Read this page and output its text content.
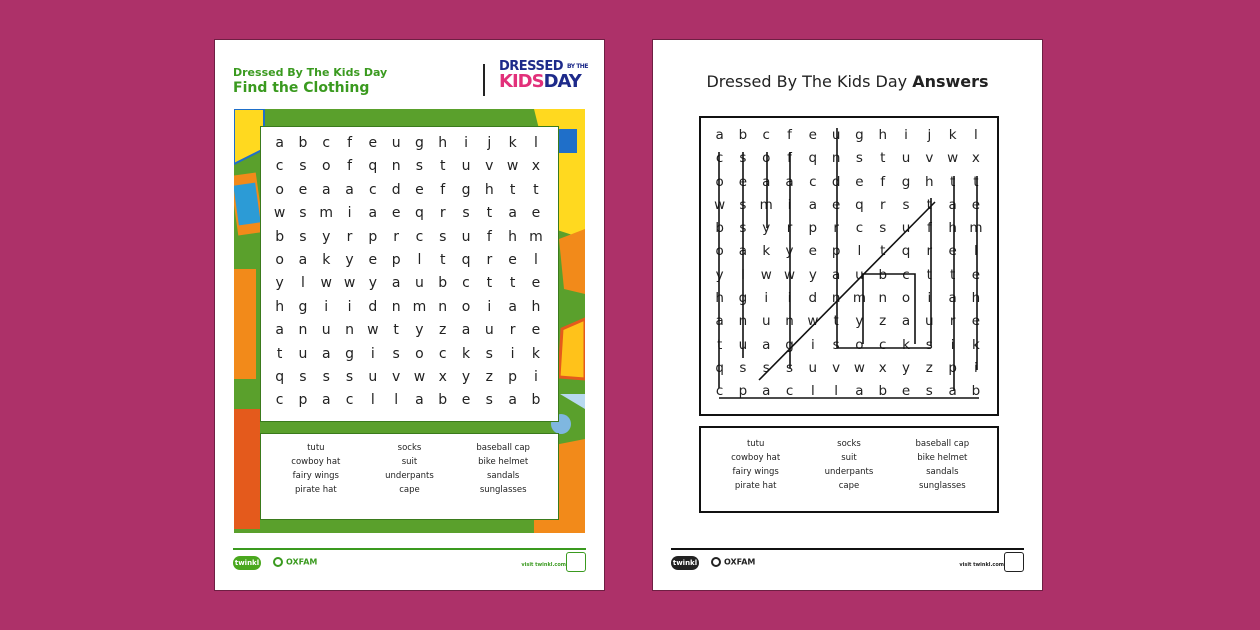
Dressed By The Kids Day
Find the Clothing
DRESSED $^{BY THE}$
KIDSDAY
a	b	c	f	e	u	g	h	i	j	k	l
c	s	o	f	q	n	s	t	u	v w x
o	e	a	a	c	d	e	f	g	h	t	t
w s m	i	a	e	q	r	s	t	a	e
b	s	y	r	p	r	c	s	u	f	h m
o	a	k	y	e	p	l	t	q	r	e	l
y	l	w w y	a	u	b	c	t	t	e
h	g	i	i	d	n m n	o	i	a	h
a	n	u	n w	t	y	z	a	u	r	e
t	u	a	g	i	s	o	c	k	s	i	k
q	s	s	s	u	v w x	y	z	p	i
c	p	a	c	l	l	a	b	e	s	a	b
tutu	socks	baseball cap
cowboy hat	suit	bike helmet
fairy wings	underpants	sandals
pirate hat	cape	sunglasses
twinkl	OXFAM	visit twinkl.com
Dressed By The Kids Day Answers
a	b	c	f	e	u	g	h	i	j	k	l
c	s	o	f	q	n	s	t	u	v	w	x
o	e	a	a	c	d	e	f	g	h	t	t
w	s m	i	a	e	q	r	s	t	a	e
b	s	y	r	p	r	c	s	u	f	h m
o	a	k	y	e	p	l	t	q	r	e	l
y	l	w w	y	a	u	b	c	t	t	e
h	g	i	i	d	n m n	o	i	a	h
a	n	u	n	w	t	y	z	a	u	r	e
t	u	a	g	i	s	o	c	k	s	i	k
q	s	s	s	u	v	w	x	y	z	p	i
c	p	a	c	l	l	a	b	e	s	a	b
tutu	socks	baseball cap
cowboy hat	suit	bike helmet
fairy wings	underpants	sandals
pirate hat	cape	sunglasses
twinkl	OXFAM	visit twinkl.com
